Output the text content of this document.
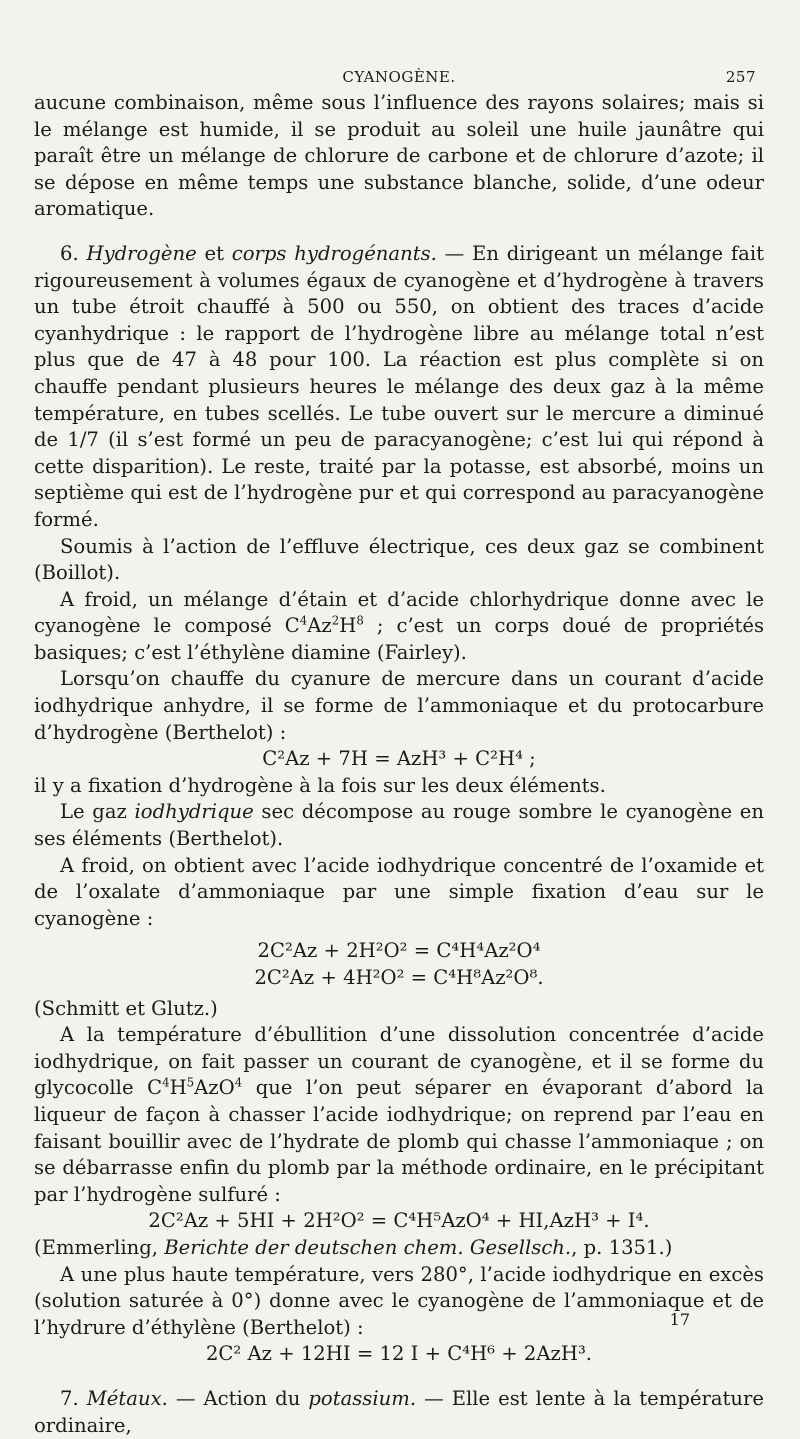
CYANOGÈNE.	257

aucune combinaison, même sous l’influence des rayons solaires; mais si le mélange est humide, il se produit au soleil une huile jaunâtre qui paraît être un mélange de chlorure de carbone et de chlorure d’azote; il se dépose en même temps une substance blanche, solide, d’une odeur aromatique.

6. Hydrogène et corps hydrogénants. — En dirigeant un mélange fait rigoureusement à volumes égaux de cyanogène et d’hydrogène à travers un tube étroit chauffé à 500 ou 550, on obtient des traces d’acide cyanhydrique : le rapport de l’hydrogène libre au mélange total n’est plus que de 47 à 48 pour 100. La réaction est plus complète si on chauffe pendant plusieurs heures le mélange des deux gaz à la même température, en tubes scellés. Le tube ouvert sur le mercure a diminué de 1/7 (il s’est formé un peu de paracyanogène; c’est lui qui répond à cette disparition). Le reste, traité par la potasse, est absorbé, moins un septième qui est de l’hydrogène pur et qui correspond au paracyanogène formé.

Soumis à l’action de l’effluve électrique, ces deux gaz se combinent (Boillot).

A froid, un mélange d’étain et d’acide chlorhydrique donne avec le cyanogène le composé $C^4Az^2H^8$ ; c’est un corps doué de propriétés basiques; c’est l’éthylène diamine (Fairley).

Lorsqu’on chauffe du cyanure de mercure dans un courant d’acide iodhydrique anhydre, il se forme de l’ammoniaque et du protocarbure d’hydrogène (Berthelot) :

C²Az + 7H = AzH³ + C²H⁴ ;

il y a fixation d’hydrogène à la fois sur les deux éléments.

Le gaz iodhydrique sec décompose au rouge sombre le cyanogène en ses éléments (Berthelot).

A froid, on obtient avec l’acide iodhydrique concentré de l’oxamide et de l’oxalate d’ammoniaque par une simple fixation d’eau sur le cyanogène :

2C²Az + 2H²O² = C⁴H⁴Az²O⁴

2C²Az + 4H²O² = C⁴H⁸Az²O⁸.

(Schmitt et Glutz.)

A la température d’ébullition d’une dissolution concentrée d’acide iodhydrique, on fait passer un courant de cyanogène, et il se forme du glycocolle $C^4H^5AzO^4$ que l’on peut séparer en évaporant d’abord la liqueur de façon à chasser l’acide iodhydrique; on reprend par l’eau en faisant bouillir avec de l’hydrate de plomb qui chasse l’ammoniaque ; on se débarrasse enfin du plomb par la méthode ordinaire, en le précipitant par l’hydrogène sulfuré :

2C²Az + 5HI + 2H²O² = C⁴H⁵AzO⁴ + HI,AzH³ + I⁴.

(Emmerling, Berichte der deutschen chem. Gesellsch., p. 1351.)

A une plus haute température, vers 280°, l’acide iodhydrique en excès (solution saturée à 0°) donne avec le cyanogène de l’ammoniaque et de l’hydrure d’éthylène (Berthelot) :

2C² Az + 12HI = 12 I + C⁴H⁶ + 2AzH³.

7. Métaux. — Action du potassium. — Elle est lente à la température ordinaire,

17
